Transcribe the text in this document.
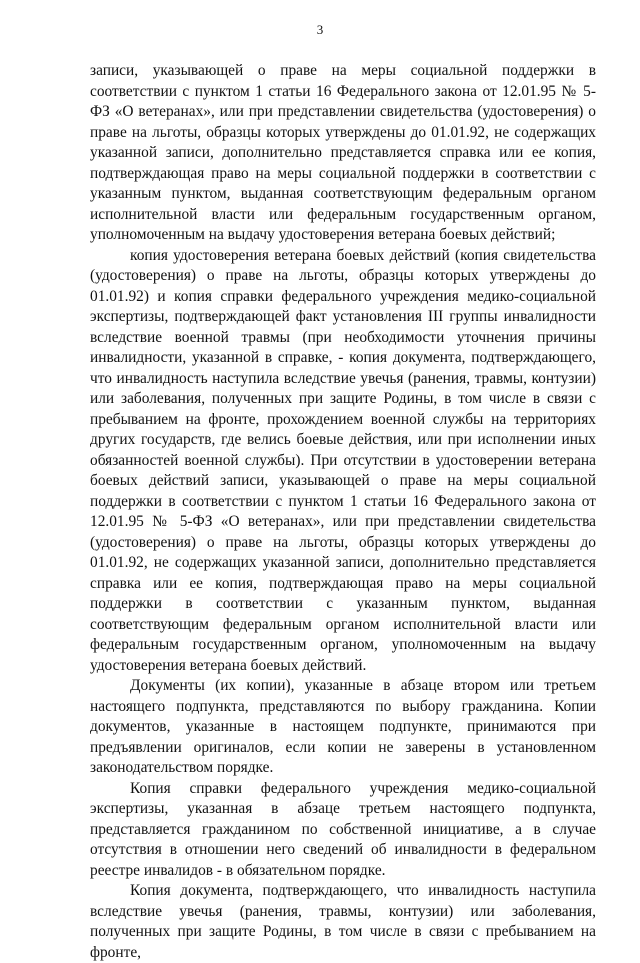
3

записи, указывающей о праве на меры социальной поддержки в соответствии с пунктом 1 статьи 16 Федерального закона от 12.01.95 № 5-ФЗ «О ветеранах», или при представлении свидетельства (удостоверения) о праве на льготы, образцы которых утверждены до 01.01.92, не содержащих указанной записи, дополнительно представляется справка или ее копия, подтверждающая право на меры социальной поддержки в соответствии с указанным пунктом, выданная соответствующим федеральным органом исполнительной власти или федеральным государственным органом, уполномоченным на выдачу удостоверения ветерана боевых действий;

копия удостоверения ветерана боевых действий (копия свидетельства (удостоверения) о праве на льготы, образцы которых утверждены до 01.01.92) и копия справки федерального учреждения медико-социальной экспертизы, подтверждающей факт установления III группы инвалидности вследствие военной травмы (при необходимости уточнения причины инвалидности, указанной в справке, - копия документа, подтверждающего, что инвалидность наступила вследствие увечья (ранения, травмы, контузии) или заболевания, полученных при защите Родины, в том числе в связи с пребыванием на фронте, прохождением военной службы на территориях других государств, где велись боевые действия, или при исполнении иных обязанностей военной службы). При отсутствии в удостоверении ветерана боевых действий записи, указывающей о праве на меры социальной поддержки в соответствии с пунктом 1 статьи 16 Федерального закона от 12.01.95 № 5-ФЗ «О ветеранах», или при представлении свидетельства (удостоверения) о праве на льготы, образцы которых утверждены до 01.01.92, не содержащих указанной записи, дополнительно представляется справка или ее копия, подтверждающая право на меры социальной поддержки в соответствии с указанным пунктом, выданная соответствующим федеральным органом исполнительной власти или федеральным государственным органом, уполномоченным на выдачу удостоверения ветерана боевых действий.

Документы (их копии), указанные в абзаце втором или третьем настоящего подпункта, представляются по выбору гражданина. Копии документов, указанные в настоящем подпункте, принимаются при предъявлении оригиналов, если копии не заверены в установленном законодательством порядке.

Копия справки федерального учреждения медико-социальной экспертизы, указанная в абзаце третьем настоящего подпункта, представляется гражданином по собственной инициативе, а в случае отсутствия в отношении него сведений об инвалидности в федеральном реестре инвалидов - в обязательном порядке.

Копия документа, подтверждающего, что инвалидность наступила вследствие увечья (ранения, травмы, контузии) или заболевания, полученных при защите Родины, в том числе в связи с пребыванием на фронте,
